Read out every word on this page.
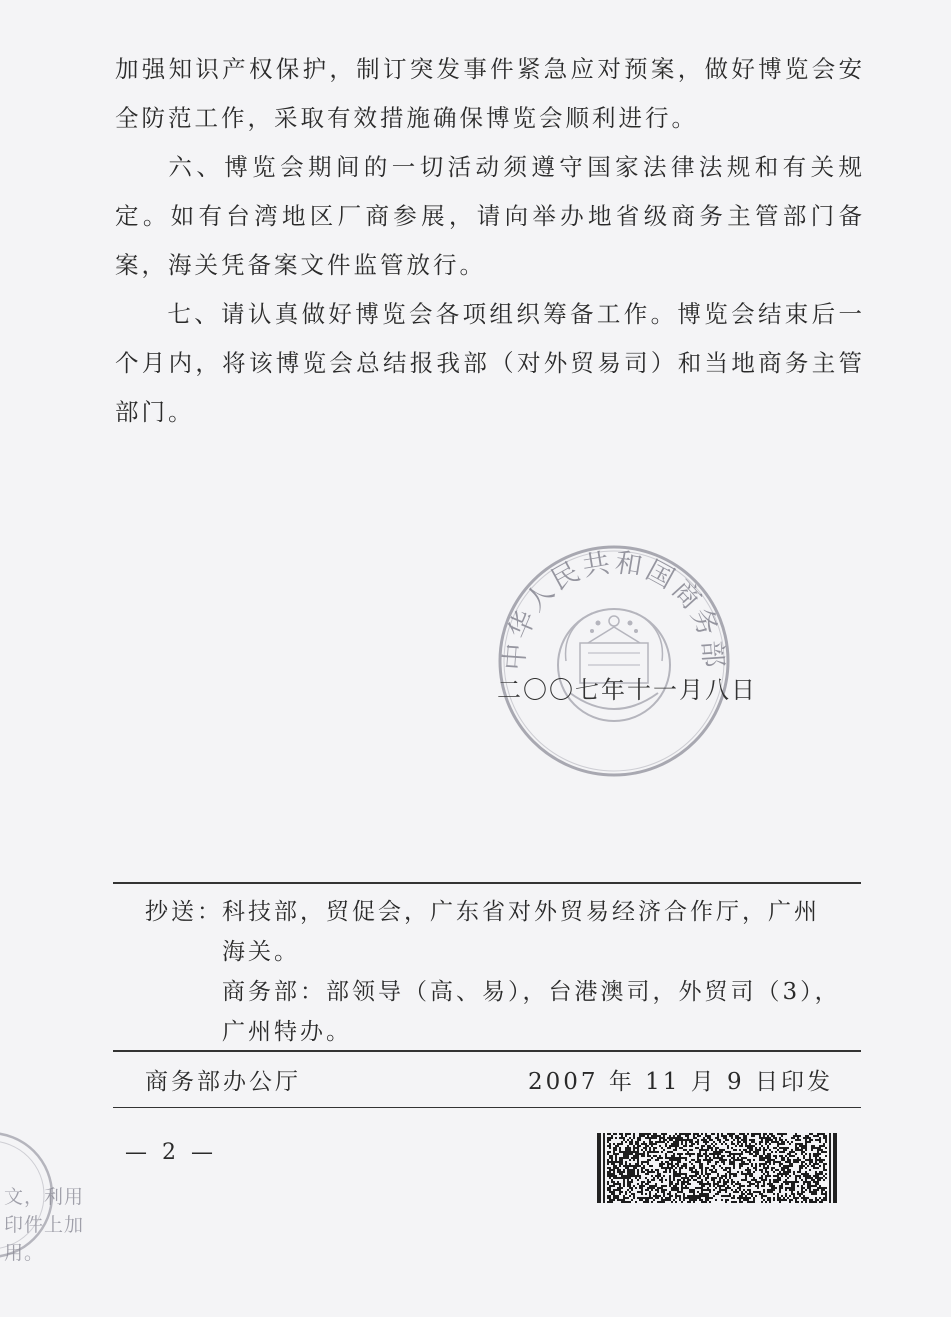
加强知识产权保护，制订突发事件紧急应对预案，做好博览会安全防范工作，采取有效措施确保博览会顺利进行。
六、博览会期间的一切活动须遵守国家法律法规和有关规定。如有台湾地区厂商参展，请向举办地省级商务主管部门备案，海关凭备案文件监管放行。
七、请认真做好博览会各项组织筹备工作。博览会结束后一个月内，将该博览会总结报我部（对外贸易司）和当地商务主管部门。
中华人民共和国商务部
二〇〇七年十一月八日
抄送： 科技部，贸促会，广东省对外贸易经济合作厅，广州海关。
商务部：部领导（高、易），台港澳司，外贸司（3），广州特办。
商务部办公厅	2007 年 11 月 9 日印发
— 2 —
文，利用
印件上加
用。
